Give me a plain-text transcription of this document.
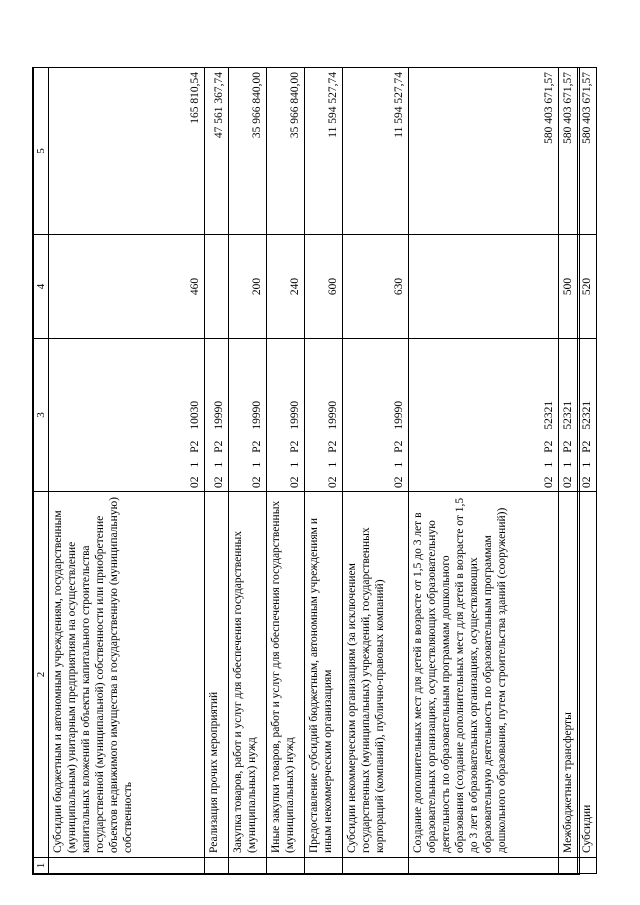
1	2	3	4	5
	Субсидии бюджетным и автономным учреждениям, государственным (муниципальным) унитарным предприятиям на осуществление капитальных вложений в объекты капитального строительства государственной (муниципальной) собственности или приобретение объектов недвижимого имущества в государственную (муниципальную) собственность	021P210030	460	165 810,54
	Реализация прочих мероприятий	021P219990		47 561 367,74
	Закупка товаров, работ и услуг для обеспечения государственных (муниципальных) нужд	021P219990	200	35 966 840,00
	Иные закупки товаров, работ и услуг для обеспечения государственных (муниципальных) нужд	021P219990	240	35 966 840,00
	Предоставление субсидий бюджетным, автономным учреждениям и иным некоммерческим организациям	021P219990	600	11 594 527,74
	Субсидии некоммерческим организациям (за исключением государственных (муниципальных) учреждений, государственных корпораций (компаний), публично-правовых компаний)	021P219990	630	11 594 527,74
	Создание дополнительных мест для детей в возрасте от 1,5 до 3 лет в образовательных организациях, осуществляющих образовательную деятельность по образовательным программам дошкольного образования (создание дополнительных мест для детей в возрасте от 1,5 до 3 лет в образовательных организациях, осуществляющих образовательную деятельность по образовательным программам дошкольного образования, путем строительства зданий (сооружений))	021P252321		580 403 671,57
	Межбюджетные трансферты	021P252321	500	580 403 671,57
	Субсидии	021P252321	520	580 403 671,57
